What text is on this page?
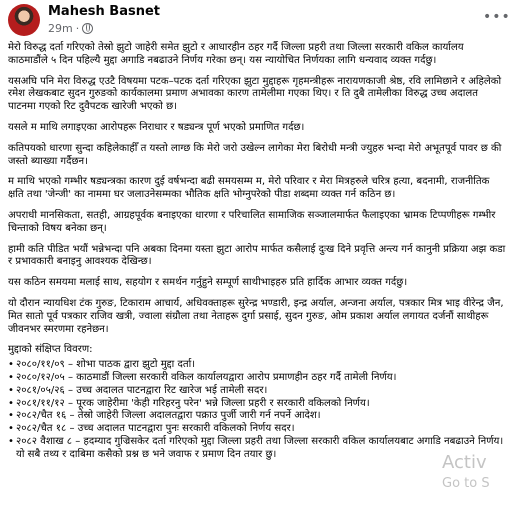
Mahesh Basnet
29m ·
•••

मेरो विरुद्ध दर्ता गरिएको तेस्रो झुटो जाहेरी समेत झुटो र आधारहीन ठहर गर्दै जिल्ला प्रहरी तथा जिल्ला सरकारी वकिल कार्यालय काठमाडौंले ५ दिन पहिल्यै मुद्दा अगाडि नबढाउने निर्णय गरेका छन्। यस न्यायोचित निर्णयका लागि धन्यवाद व्यक्त गर्दछु।

यसअघि पनि मेरा विरुद्ध एउटै विषयमा पटक–पटक दर्ता गरिएका झुटा मुद्दाहरू गृहमन्त्रीहरू नारायणकाजी श्रेष्ठ, रवि लामिछाने र अहिलेको रमेश लेखकबाट सुदन गुरुङको कार्यकालमा प्रमाण अभावका कारण तामेलीमा गएका थिए। र ति दुबै तामेलीका विरुद्ध उच्च अदालत पाटनमा गएको रिट दुवैपटक खारेजी भएको छ।

यसले म माथि लगाइएका आरोपहरू निराधार र षड्यन्त्र पूर्ण भएको प्रमाणित गर्दछ।

कतिपयको धारणा सुन्दा कहिलेकाहीँ त यस्तो लाग्छ कि मेरो जरो उखेल्न लागेका मेरा बिरोधी मन्त्री ज्युहरु भन्दा मेरो अभूतपूर्व पावर छ की जस्तो ब्याख्या गर्दैछन।

म माथि भएको गम्भीर षड्यन्त्रका कारण दुई वर्षभन्दा बढी समयसम्म म, मेरो परिवार र मेरा मित्रहरुले चरित्र हत्या, बदनामी, राजनीतिक क्षति तथा 'जेन्जी' का नाममा घर जलाउनेसम्मका भौतिक क्षति भोग्नुपरेको पीडा शब्दमा व्यक्त गर्न कठिन छ।

अपराधी मानसिकता, सतही, आग्रहपूर्वक बनाइएका धारणा र परिचालित सामाजिक सञ्जालमार्फत फैलाइएका भ्रामक टिप्पणीहरू गम्भीर चिन्ताको विषय बनेका छन्।

हामी कति पीडित भयौं भन्नेभन्दा पनि अबका दिनमा यस्ता झुटा आरोप मार्फत कसैलाई दुःख दिने प्रवृत्ति अन्त्य गर्न कानुनी प्रक्रिया अझ कडा र प्रभावकारी बनाइनु आवश्यक देखिन्छ।

यस कठिन समयमा मलाई साथ, सहयोग र समर्थन गर्नुहुने सम्पूर्ण साथीभाइहरु प्रति हार्दिक आभार व्यक्त गर्दछु।

यो दौरान न्यायधिश टंक गुरुङ, टिकाराम आचार्य, अधिवक्ताहरू सुरेन्द्र भण्डारी, इन्द्र अर्याल, अन्जना अर्याल, पत्रकार मित्र भाइ वीरेन्द्र जैन, मित सातो पूर्व पत्रकार राजिव खत्री, ज्वाला संग्रौला तथा नेताहरू दुर्गा प्रसाई, सुदन गुरुङ, ओम प्रकाश अर्याल लगायत दर्जनौं साथीहरू जीवनभर स्मरणमा रहनेछन।

मुद्दाको संक्षिप्त विवरण:

• २०८०/११/०९ – शोभा पाठक द्वारा झुटो मुद्दा दर्ता।
• २०८०/१२/०५ – काठमाडौं जिल्ला सरकारी वकिल कार्यालयद्वारा आरोप प्रमाणहीन ठहर गर्दै तामेली निर्णय।
• २०८१/०५/२६ – उच्च अदालत पाटनद्वारा रिट खारेज भई तामेली सदर।
• २०८१/११/१२ – पूरक जाहेरीमा 'केही गरिहरनु परेन' भन्ने जिल्ला प्रहरी र सरकारी वकिलको निर्णय।
• २०८२/चैत १६ – तेस्रो जाहेरी जिल्ला अदालतद्वारा पक्राउ पुर्जी जारी गर्न नपर्ने आदेश।
• २०८२/चैत १८ – उच्च अदालत पाटनद्वारा पुनः सरकारी वकिलको निर्णय सदर।
• २०८२ वैशाख ८ – हदम्याद गुज्रिसकेर दर्ता गरिएको मुद्दा जिल्ला प्रहरी तथा जिल्ला सरकारी वकिल कार्यालयबाट अगाडि नबढाउने निर्णय। यो सबै तथ्य र दाबिमा कसैको प्रश्न छ भने जवाफ र प्रमाण दिन तयार छु।	Activ
Go to S
